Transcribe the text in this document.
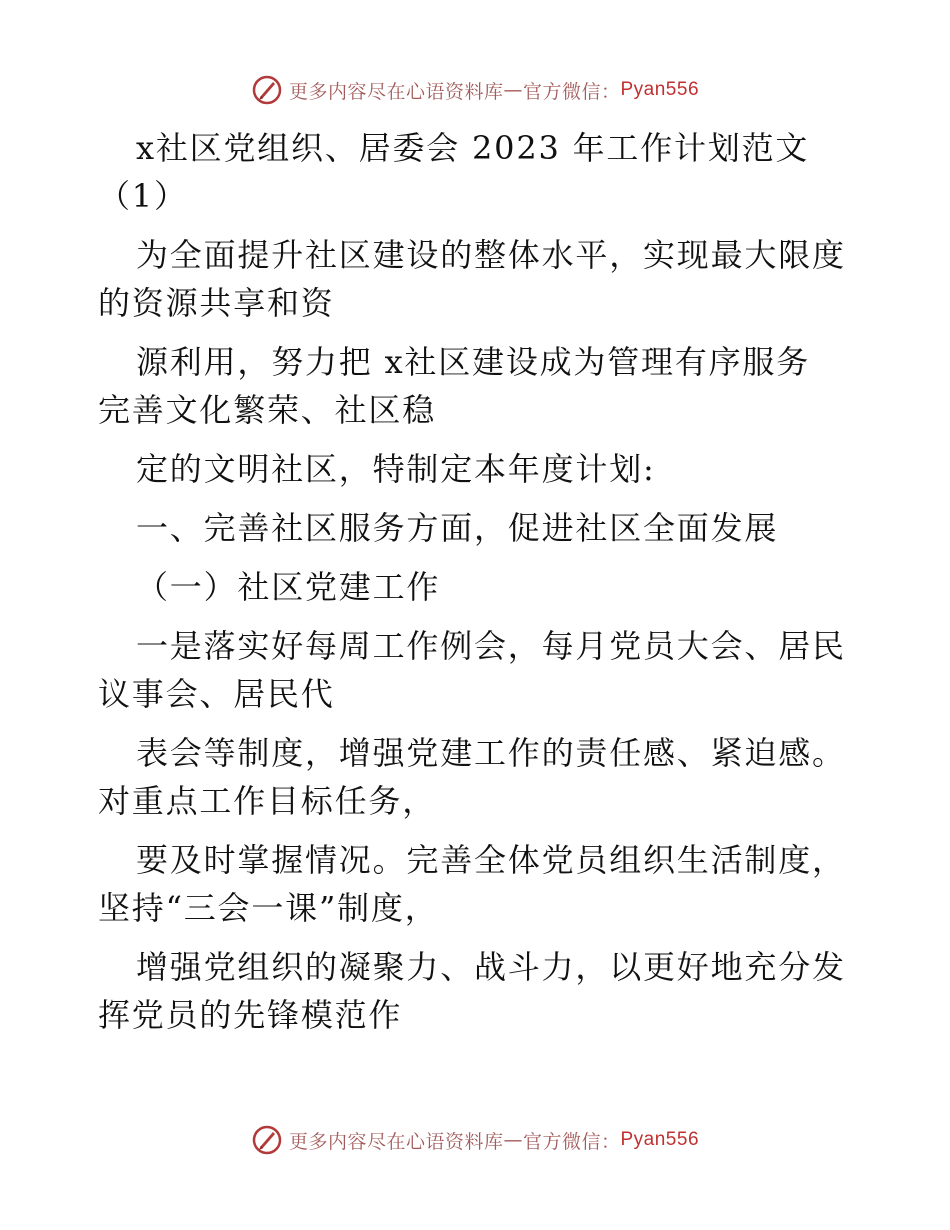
更多内容尽在心语资料库 — 官方微信： Pyan556
x社区党组织、居委会 2023 年工作计划范文
（1）
为全面提升社区建设的整体水平，实现最大限度
的资源共享和资
源利用，努力把 x社区建设成为管理有序服务
完善文化繁荣、社区稳
定的文明社区，特制定本年度计划:
一、完善社区服务方面，促进社区全面发展
（一）社区党建工作
一是落实好每周工作例会，每月党员大会、居民
议事会、居民代
表会等制度，增强党建工作的责任感、紧迫感。
对重点工作目标任务，
要及时掌握情况。完善全体党员组织生活制度，
坚持“三会一课”制度，
增强党组织的凝聚力、战斗力，以更好地充分发
挥党员的先锋模范作
更多内容尽在心语资料库 — 官方微信： Pyan556
